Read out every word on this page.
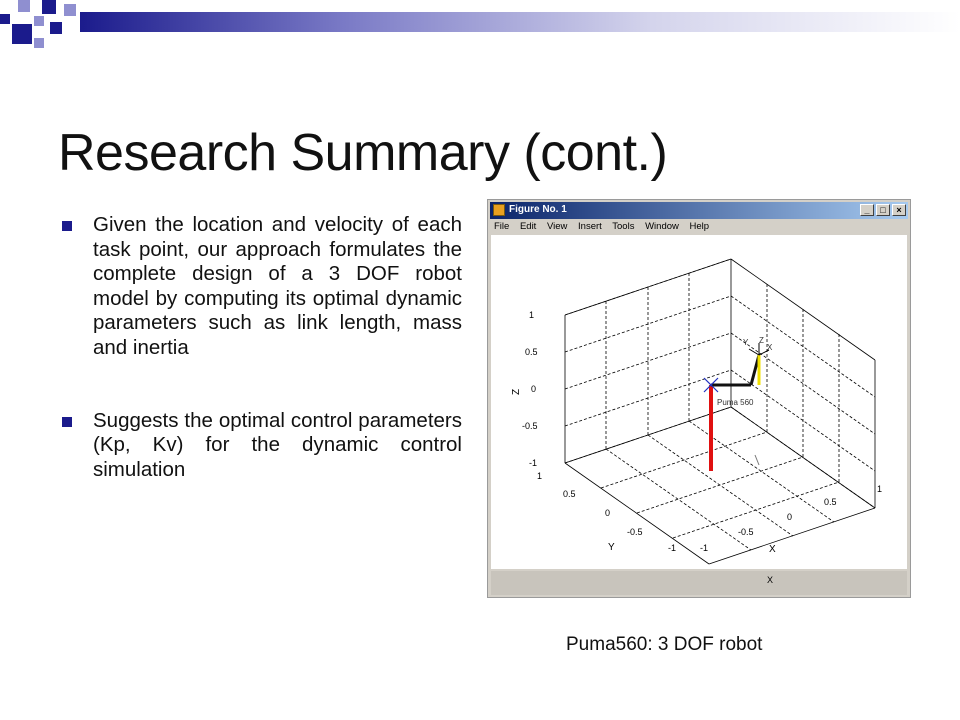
Research Summary (cont.)
Given the location and velocity of each task point, our approach formulates the complete design of a 3 DOF robot model by computing its optimal dynamic parameters such as link length, mass and inertia
Suggests the optimal control parameters (Kp, Kv) for the dynamic control simulation
Figure No. 1	_	□	×
File Edit View Insert Tools Window Help
1
0.5
0
-0.5
-1
Z
1
0.5
0
-0.5
-1
Y	-1
-0.5
0
0.5
1
X
Puma 560
Z
X
Y
X
Puma560: 3 DOF robot
